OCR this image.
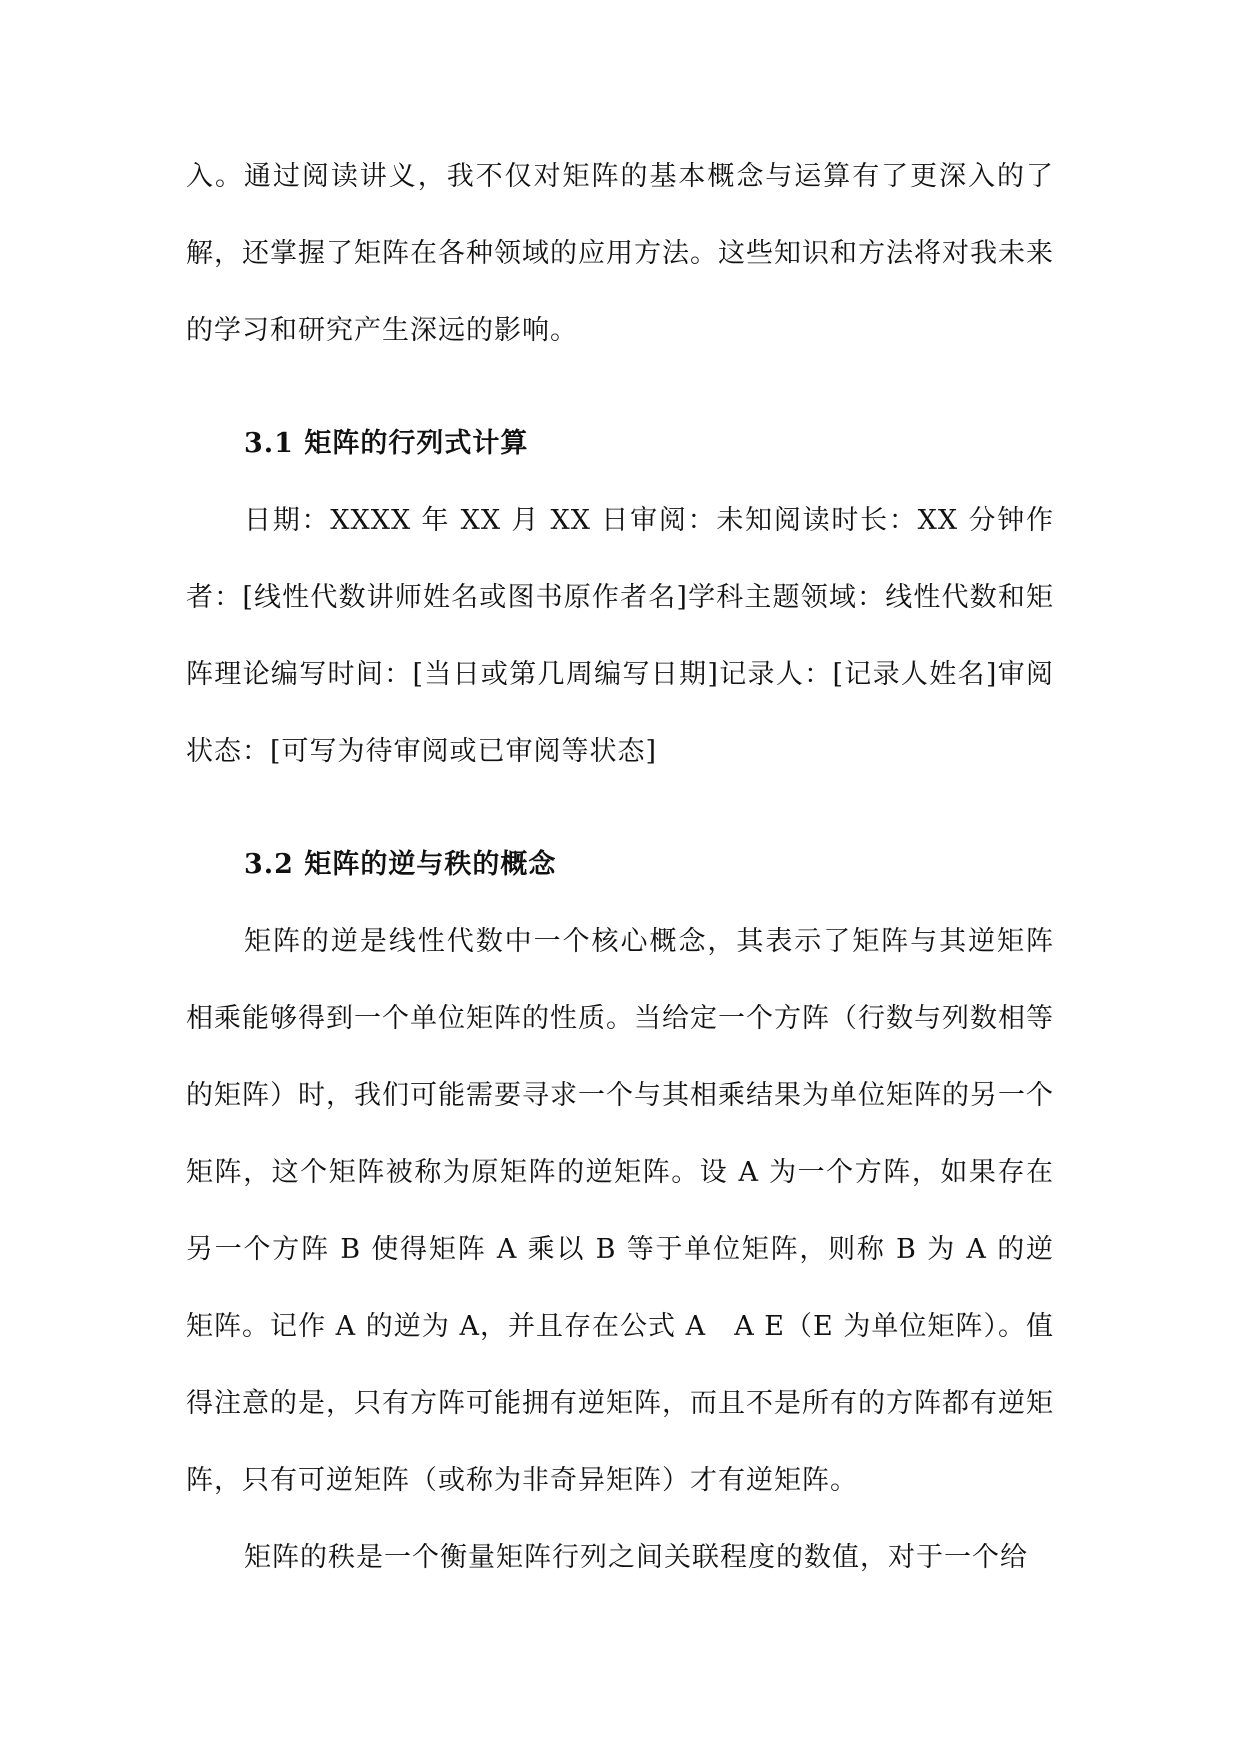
入。通过阅读讲义，我不仅对矩阵的基本概念与运算有了更深入的了解，还掌握了矩阵在各种领域的应用方法。这些知识和方法将对我未来的学习和研究产生深远的影响。

3.1 矩阵的行列式计算

日期：XXXX 年 XX 月 XX 日审阅：未知阅读时长：XX 分钟作者：[线性代数讲师姓名或图书原作者名]学科主题领域：线性代数和矩阵理论编写时间：[当日或第几周编写日期]记录人：[记录人姓名]审阅状态：[可写为待审阅或已审阅等状态]

3.2 矩阵的逆与秩的概念

矩阵的逆是线性代数中一个核心概念，其表示了矩阵与其逆矩阵相乘能够得到一个单位矩阵的性质。当给定一个方阵（行数与列数相等的矩阵）时，我们可能需要寻求一个与其相乘结果为单位矩阵的另一个矩阵，这个矩阵被称为原矩阵的逆矩阵。设 A 为一个方阵，如果存在另一个方阵 B 使得矩阵 A 乘以 B 等于单位矩阵，则称 B 为 A 的逆矩阵。记作 A 的逆为 A，并且存在公式 A　A E（E 为单位矩阵）。值得注意的是，只有方阵可能拥有逆矩阵，而且不是所有的方阵都有逆矩阵，只有可逆矩阵（或称为非奇异矩阵）才有逆矩阵。

矩阵的秩是一个衡量矩阵行列之间关联程度的数值，对于一个给
